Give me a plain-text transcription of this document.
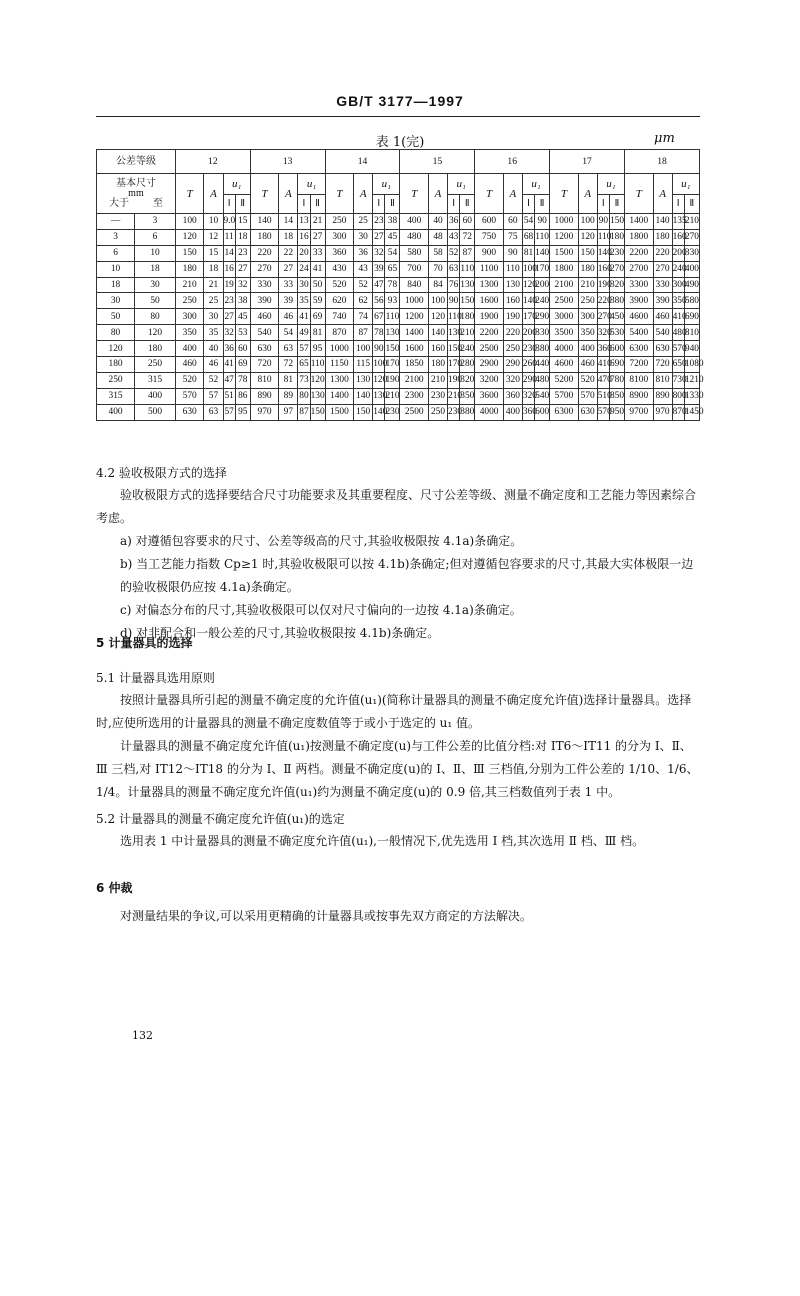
GB/T 3177—1997
表 1(完)	μm
公差等级		12				13				14				15				16				17				18			

基本尺寸
mm
大于 至		T	A	u₁		T	A	u₁		T	A	u₁		T	A	u₁		T	A	u₁		T	A	u₁		T	A	u₁	
				Ⅰ	Ⅱ			Ⅰ	Ⅱ			Ⅰ	Ⅱ			Ⅰ	Ⅱ			Ⅰ	Ⅱ			Ⅰ	Ⅱ			Ⅰ	Ⅱ
—	3	100	10	9.0	15	140	14	13	21	250	25	23	38	400	40	36	60	600	60	54	90	1000	100	90	150	1400	140	135	210
3	6	120	12	11	18	180	18	16	27	300	30	27	45	480	48	43	72	750	75	68	110	1200	120	110	180	1800	180	160	270
6	10	150	15	14	23	220	22	20	33	360	36	32	54	580	58	52	87	900	90	81	140	1500	150	140	230	2200	220	200	330
10	18	180	18	16	27	270	27	24	41	430	43	39	65	700	70	63	110	1100	110	100	170	1800	180	160	270	2700	270	240	400
18	30	210	21	19	32	330	33	30	50	520	52	47	78	840	84	76	130	1300	130	120	200	2100	210	190	320	3300	330	300	490
30	50	250	25	23	38	390	39	35	59	620	62	56	93	1000	100	90	150	1600	160	140	240	2500	250	220	380	3900	390	350	580
50	80	300	30	27	45	460	46	41	69	740	74	67	110	1200	120	110	180	1900	190	170	290	3000	300	270	450	4600	460	410	690
80	120	350	35	32	53	540	54	49	81	870	87	78	130	1400	140	130	210	2200	220	200	330	3500	350	320	530	5400	540	480	810
120	180	400	40	36	60	630	63	57	95	1000	100	90	150	1600	160	150	240	2500	250	230	380	4000	400	360	600	6300	630	570	940
180	250	460	46	41	69	720	72	65	110	1150	115	100	170	1850	180	170	280	2900	290	260	440	4600	460	410	690	7200	720	650	1080
250	315	520	52	47	78	810	81	73	120	1300	130	120	190	2100	210	190	320	3200	320	290	480	5200	520	470	780	8100	810	730	1210
315	400	570	57	51	86	890	89	80	130	1400	140	130	210	2300	230	210	350	3600	360	320	540	5700	570	510	850	8900	890	800	1330
400	500	630	63	57	95	970	97	87	150	1500	150	140	230	2500	250	230	380	4000	400	360	600	6300	630	570	950	9700	970	870	1450

4.2 验收极限方式的选择

验收极限方式的选择要结合尺寸功能要求及其重要程度、尺寸公差等级、测量不确定度和工艺能力等因素综合考虑。

a) 对遵循包容要求的尺寸、公差等级高的尺寸,其验收极限按 4.1a)条确定。

b) 当工艺能力指数 Cp≥1 时,其验收极限可以按 4.1b)条确定;但对遵循包容要求的尺寸,其最大实体极限一边的验收极限仍应按 4.1a)条确定。

c) 对偏态分布的尺寸,其验收极限可以仅对尺寸偏向的一边按 4.1a)条确定。

d) 对非配合和一般公差的尺寸,其验收极限按 4.1b)条确定。

5 计量器具的选择

5.1 计量器具选用原则

按照计量器具所引起的测量不确定度的允许值(u₁)(简称计量器具的测量不确定度允许值)选择计量器具。选择时,应使所选用的计量器具的测量不确定度数值等于或小于选定的 u₁ 值。

计量器具的测量不确定度允许值(u₁)按测量不确定度(u)与工件公差的比值分档:对 IT6～IT11 的分为 Ⅰ、Ⅱ、Ⅲ 三档,对 IT12～IT18 的分为 Ⅰ、Ⅱ 两档。测量不确定度(u)的 Ⅰ、Ⅱ、Ⅲ 三档值,分别为工件公差的 1/10、1/6、1/4。计量器具的测量不确定度允许值(u₁)约为测量不确定度(u)的 0.9 倍,其三档数值列于表 1 中。

5.2 计量器具的测量不确定度允许值(u₁)的选定

选用表 1 中计量器具的测量不确定度允许值(u₁),一般情况下,优先选用 Ⅰ 档,其次选用 Ⅱ 档、Ⅲ 档。

6 仲裁

对测量结果的争议,可以采用更精确的计量器具或按事先双方商定的方法解决。

132
